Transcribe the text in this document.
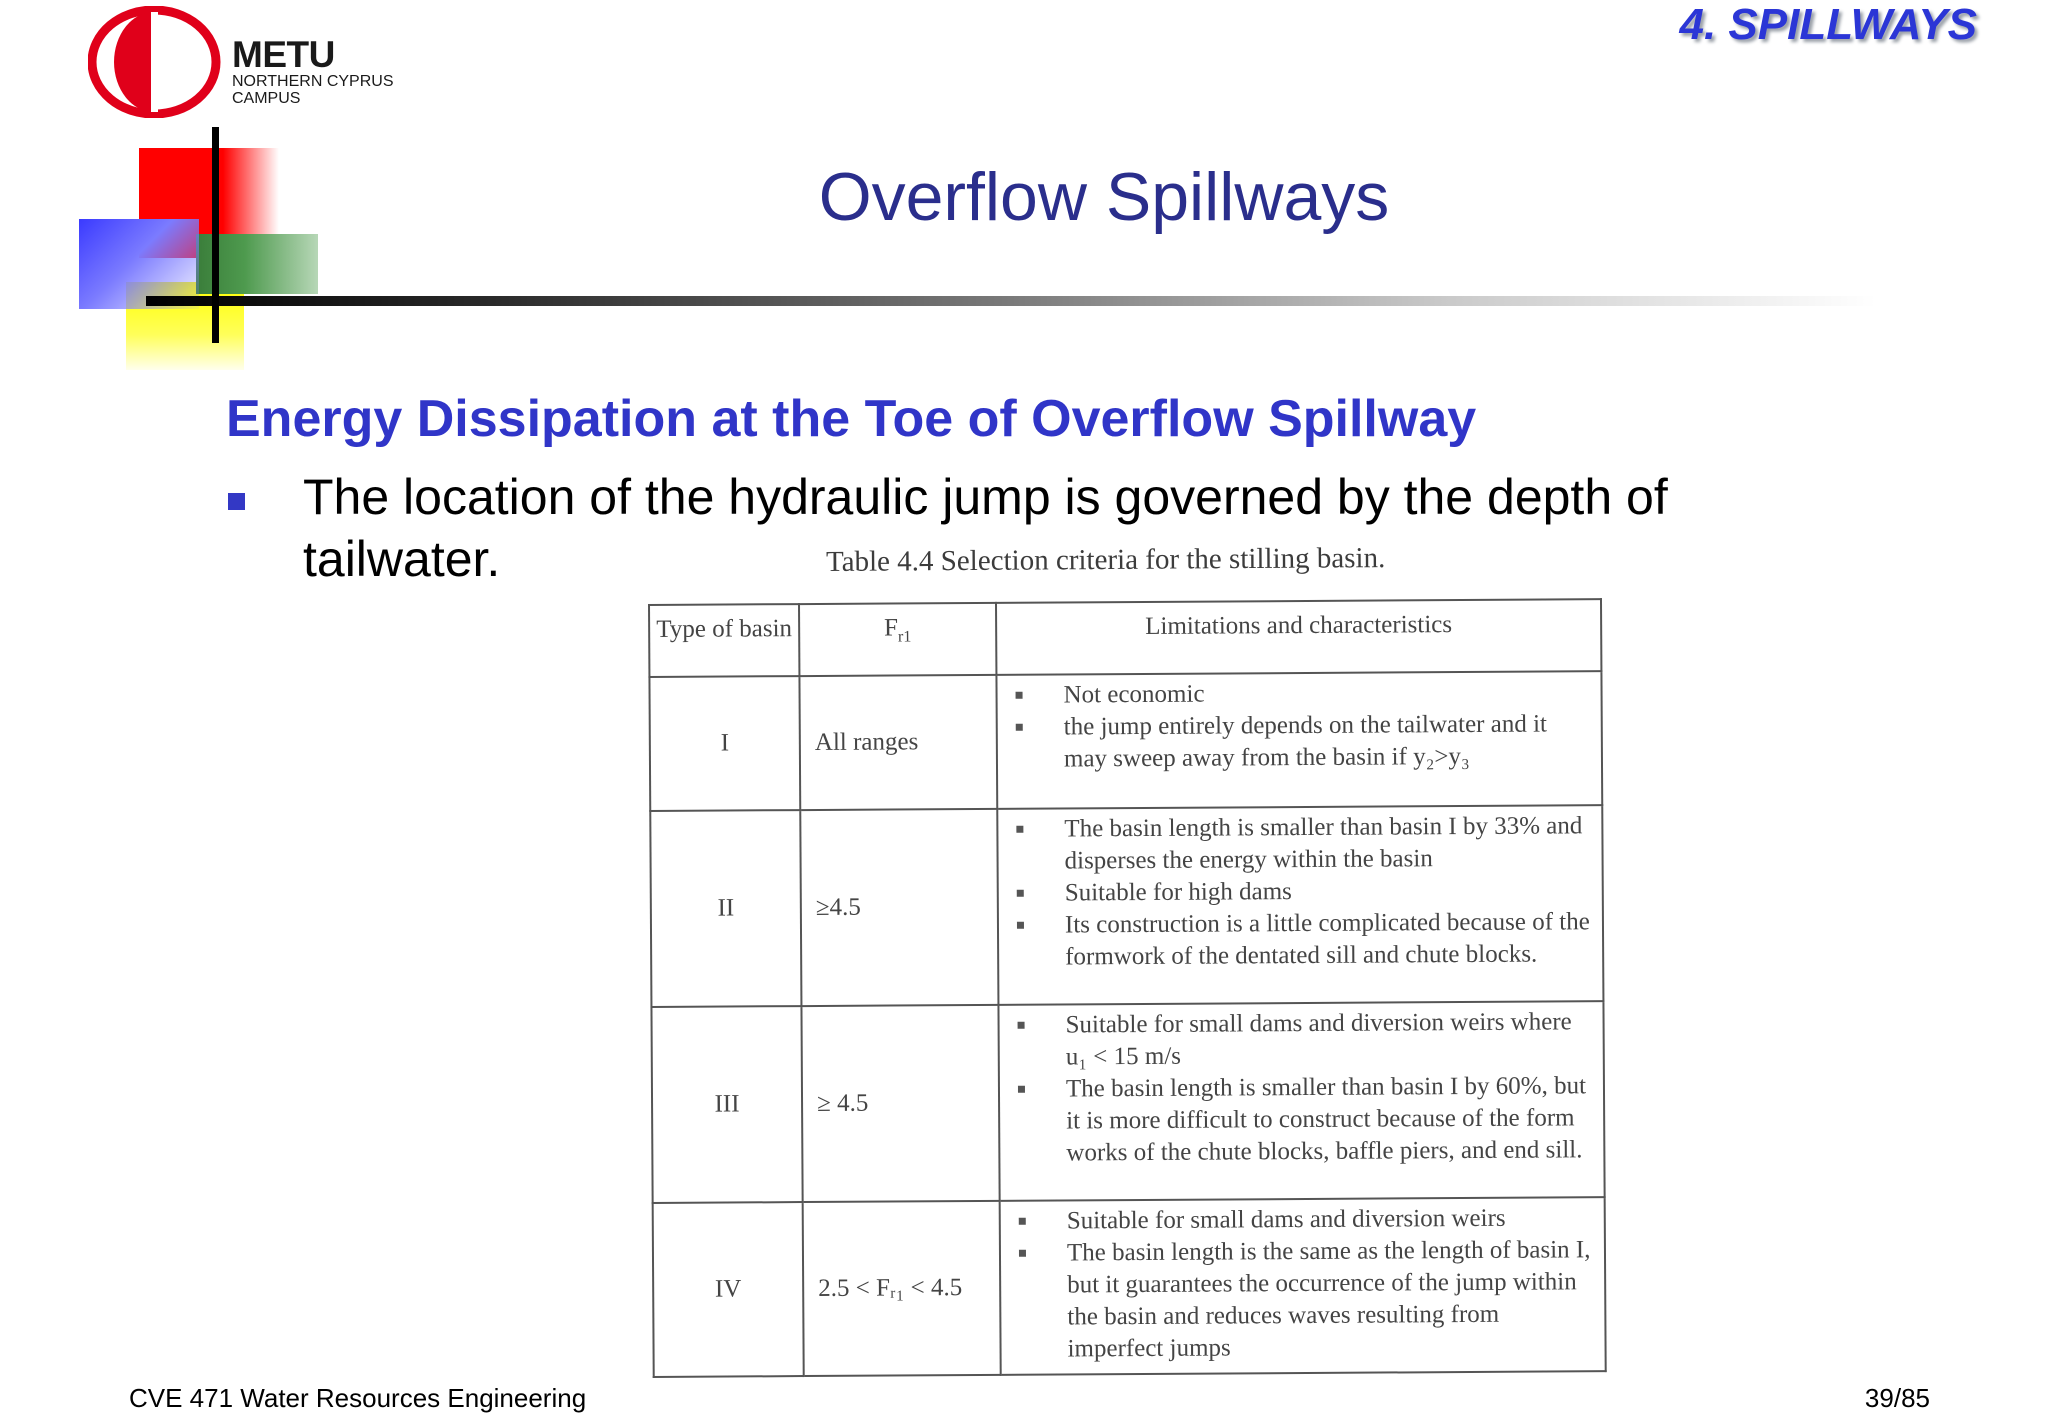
METU
NORTHERN CYPRUS
CAMPUS
4. SPILLWAYS
Overflow Spillways
Energy Dissipation at the Toe of Overflow Spillway
The location of the hydraulic jump is governed by the depth of tailwater.	Table 4.4 Selection criteria for the stilling basin.
Type of basin	$F_{r1}$	Limitations and characteristics
I	All ranges	Not economic
the jump entirely depends on the tailwater and it may sweep away from the basin if y₂>y₃

II	≥4.5	The basin length is smaller than basin I by 33% and disperses the energy within the basin
Suitable for high dams
Its construction is a little complicated because of the formwork of the dentated sill and chute blocks.

III	≥ 4.5	Suitable for small dams and diversion weirs where u₁ < 15 m/s
The basin length is smaller than basin I by 60%, but it is more difficult to construct because of the form works of the chute blocks, baffle piers, and end sill.

IV	2.5 < Fᵣ₁ < 4.5	Suitable for small dams and diversion weirs
The basin length is the same as the length of basin I, but it guarantees the occurrence of the jump within the basin and reduces waves resulting from imperfect jumps
CVE 471 Water Resources Engineering	39/85
